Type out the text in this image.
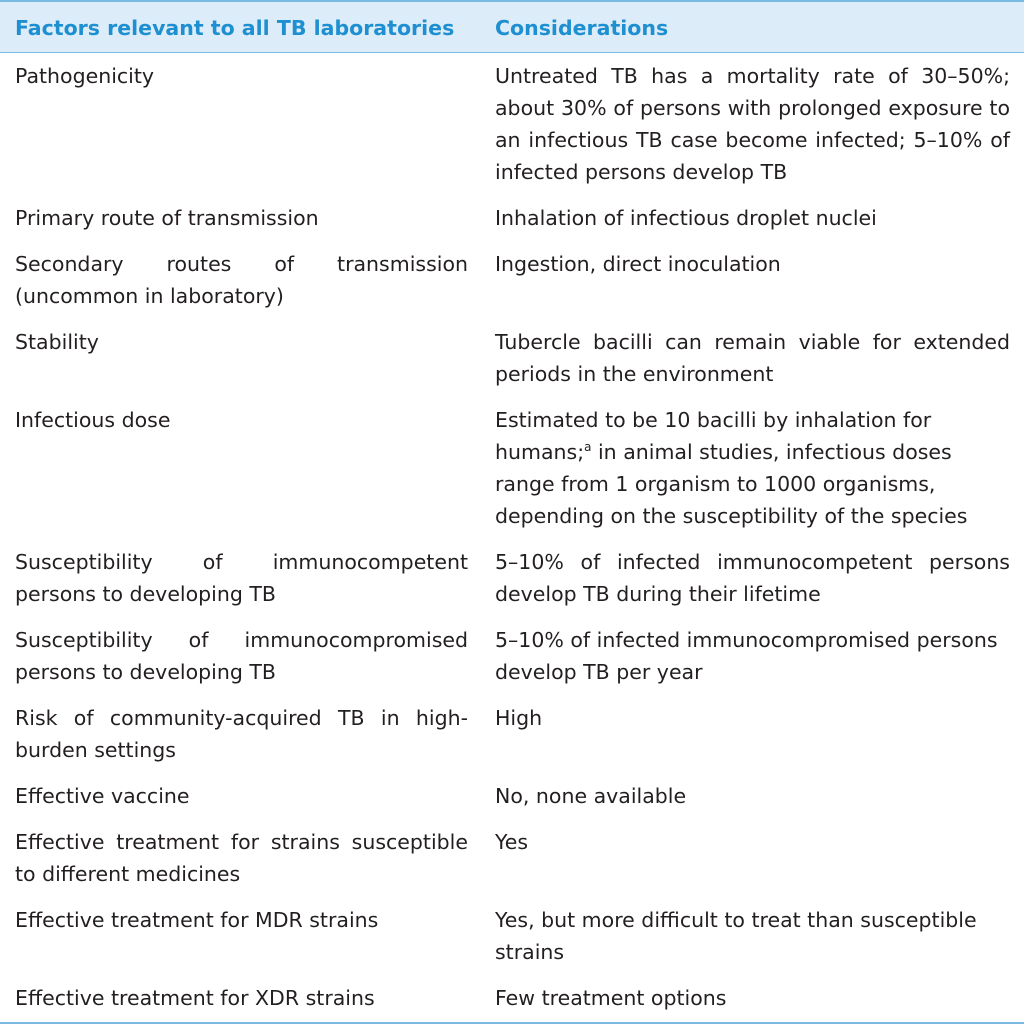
Factors relevant to all TB laboratories	Considerations
Pathogenicity	Untreated TB has a mortality rate of 30–50%; about 30% of persons with prolonged exposure to an infectious TB case become infected; 5–10% of infected persons develop TB
Primary route of transmission	Inhalation of infectious droplet nuclei
Secondary routes of transmission (uncommon in laboratory)	Ingestion, direct inoculation
Stability	Tubercle bacilli can remain viable for extended periods in the environment
Infectious dose	Estimated to be 10 bacilli by inhalation for humans;$^a$ in animal studies, infectious doses range from 1 organism to 1000 organisms, depending on the susceptibility of the species
Susceptibility of immunocompetent persons to developing TB	5–10% of infected immunocompetent persons develop TB during their lifetime
Susceptibility of immunocompromised persons to developing TB	5–10% of infected immunocompromised persons develop TB per year
Risk of community-acquired TB in high-burden settings	High
Effective vaccine	No, none available
Effective treatment for strains susceptible to different medicines	Yes
Effective treatment for MDR strains	Yes, but more difficult to treat than susceptible strains
Effective treatment for XDR strains	Few treatment options
